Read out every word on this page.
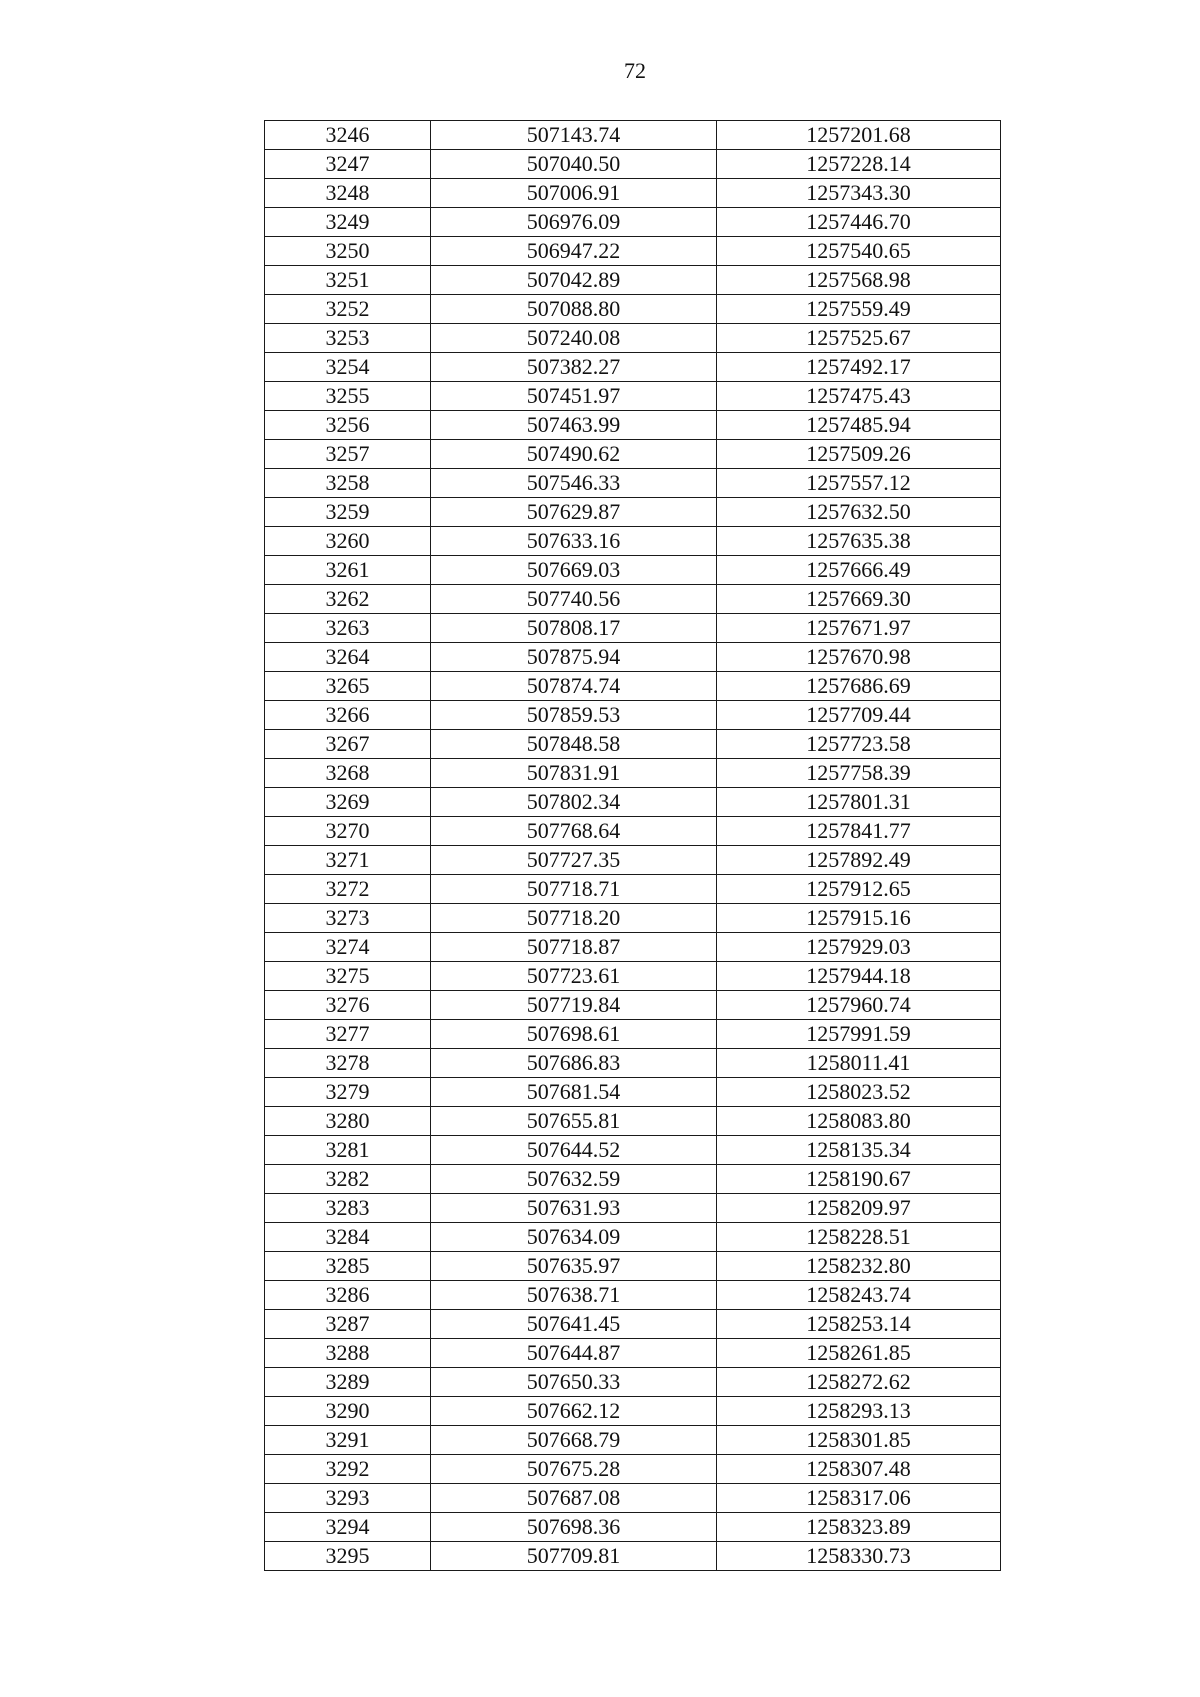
72
3246	507143.74	1257201.68
3247	507040.50	1257228.14
3248	507006.91	1257343.30
3249	506976.09	1257446.70
3250	506947.22	1257540.65
3251	507042.89	1257568.98
3252	507088.80	1257559.49
3253	507240.08	1257525.67
3254	507382.27	1257492.17
3255	507451.97	1257475.43
3256	507463.99	1257485.94
3257	507490.62	1257509.26
3258	507546.33	1257557.12
3259	507629.87	1257632.50
3260	507633.16	1257635.38
3261	507669.03	1257666.49
3262	507740.56	1257669.30
3263	507808.17	1257671.97
3264	507875.94	1257670.98
3265	507874.74	1257686.69
3266	507859.53	1257709.44
3267	507848.58	1257723.58
3268	507831.91	1257758.39
3269	507802.34	1257801.31
3270	507768.64	1257841.77
3271	507727.35	1257892.49
3272	507718.71	1257912.65
3273	507718.20	1257915.16
3274	507718.87	1257929.03
3275	507723.61	1257944.18
3276	507719.84	1257960.74
3277	507698.61	1257991.59
3278	507686.83	1258011.41
3279	507681.54	1258023.52
3280	507655.81	1258083.80
3281	507644.52	1258135.34
3282	507632.59	1258190.67
3283	507631.93	1258209.97
3284	507634.09	1258228.51
3285	507635.97	1258232.80
3286	507638.71	1258243.74
3287	507641.45	1258253.14
3288	507644.87	1258261.85
3289	507650.33	1258272.62
3290	507662.12	1258293.13
3291	507668.79	1258301.85
3292	507675.28	1258307.48
3293	507687.08	1258317.06
3294	507698.36	1258323.89
3295	507709.81	1258330.73
